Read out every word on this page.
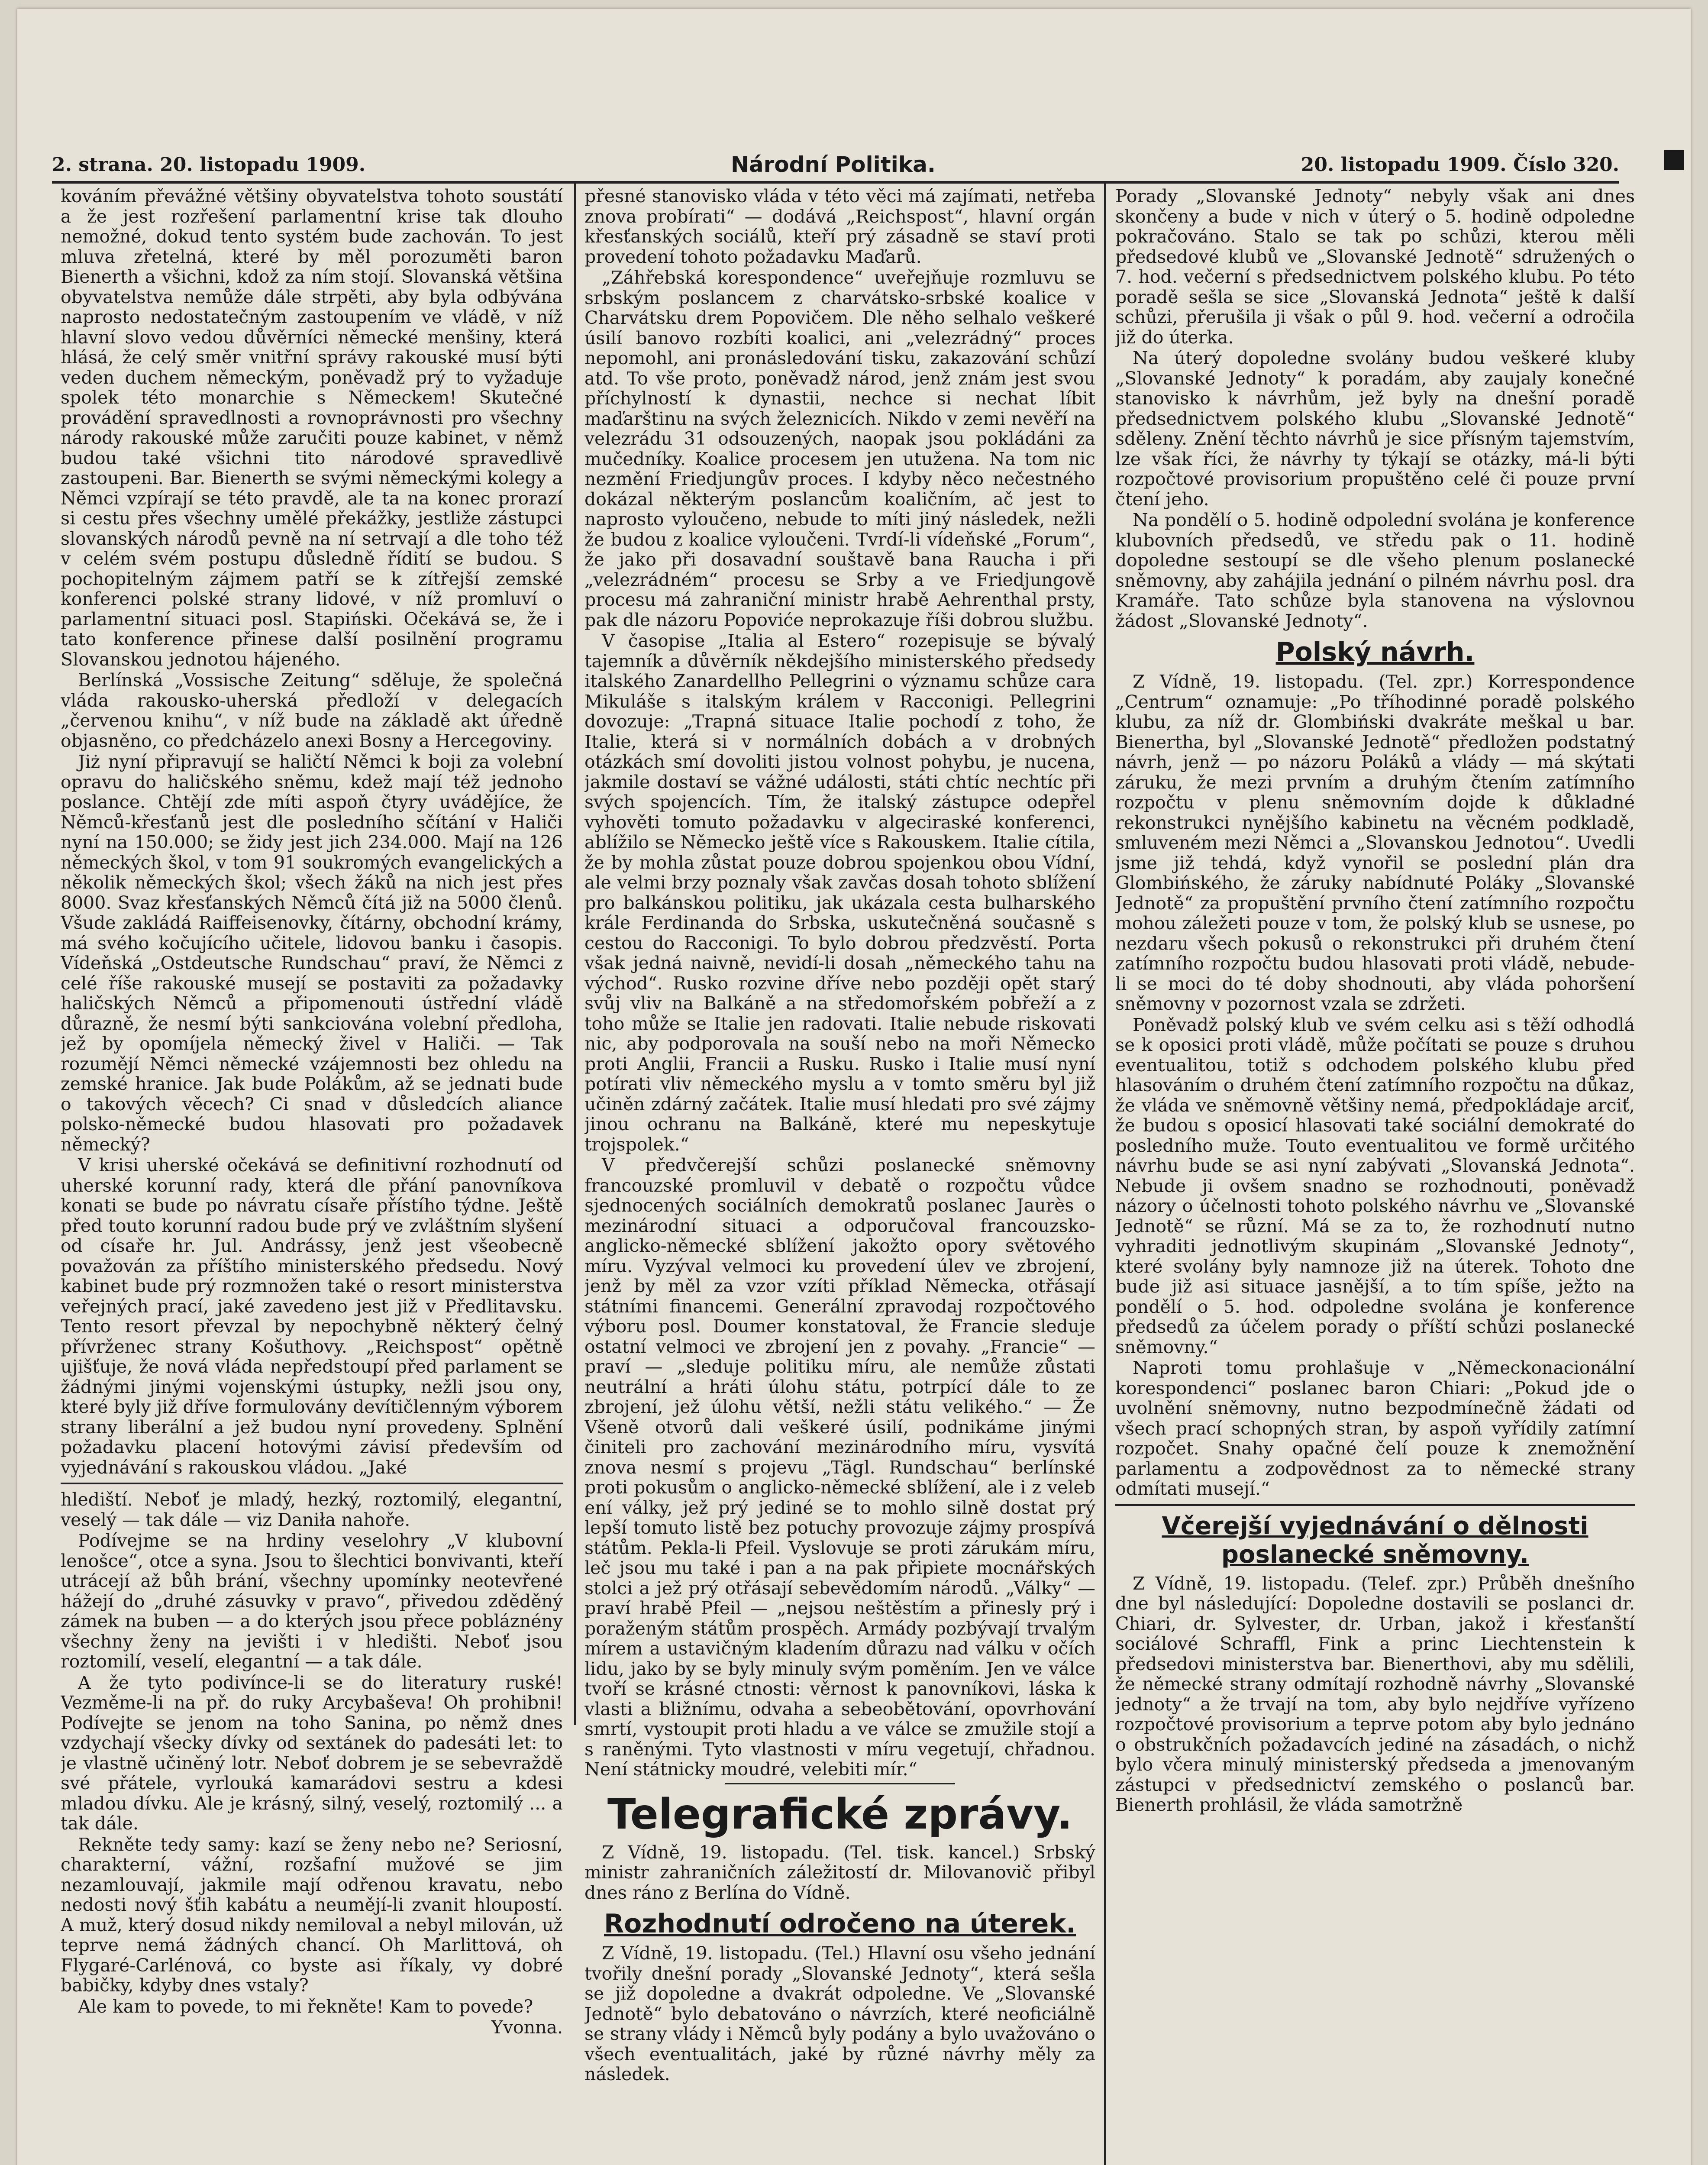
■
2. strana. 20. listopadu 1909.	Národní Politika.	20. listopadu 1909. Číslo 320.

kováním převážné většiny obyvatelstva tohoto soustátí a že jest rozřešení parlamentní krise tak dlouho nemožné, dokud tento systém bude zachován. To jest mluva zřetelná, které by měl porozuměti baron Bienerth a všichni, kdož za ním stojí. Slovanská většina obyvatelstva nemůže dále strpěti, aby byla odbývána naprosto nedostatečným zastoupením ve vládě, v níž hlavní slovo vedou důvěrníci německé menšiny, která hlásá, že celý směr vnitřní správy rakouské musí býti veden duchem německým, poněvadž prý to vyžaduje spolek této monarchie s Německem! Skutečné provádění spravedlnosti a rovnoprávnosti pro všechny národy rakouské může zaručiti pouze kabinet, v němž budou také všichni tito národové spravedlivě zastoupeni. Bar. Bienerth se svými německými kolegy a Němci vzpírají se této pravdě, ale ta na konec prorazí si cestu přes všechny umělé překážky, jestliže zástupci slovanských národů pevně na ní setrvají a dle toho též v celém svém postupu důsledně řídití se budou. S pochopitelným zájmem patří se k zítřejší zemské konferenci polské strany lidové, v níž promluví o parlamentní situaci posl. Stapiński. Očekává se, že i tato konference přinese další posilnění programu Slovanskou jednotou hájeného.

Berlínská „Vossische Zeitung“ sděluje, že společná vláda rakousko-uherská předloží v delegacích „červenou knihu“, v níž bude na základě akt úředně objasněno, co předcházelo anexi Bosny a Hercegoviny.

Jiż nyní připravují se haličtí Němci k boji za volební opravu do haličského sněmu, kdež mají též jednoho poslance. Chtějí zde míti aspoň čtyry uvádějíce, že Němců-křesťanů jest dle posledního sčítání v Haliči nyní na 150.000; se židy jest jich 234.000. Mají na 126 německých škol, v tom 91 soukromých evangelických a několik německých škol; všech žáků na nich jest přes 8000. Svaz křesťanských Němců čítá již na 5000 členů. Všude zakládá Raiffeisenovky, čítárny, obchodní krámy, má svého kočujícího učitele, lidovou banku i časopis. Vídeňská „Ostdeutsche Rundschau“ praví, že Němci z celé říše rakouské musejí se postaviti za požadavky haličských Němců a připomenouti ústřední vládě důrazně, že nesmí býti sankciována volební předloha, jež by opomíjela německý živel v Haliči. — Tak rozumějí Němci německé vzájemnosti bez ohledu na zemské hranice. Jak bude Polákům, až se jednati bude o takových věcech? Ci snad v důsledcích aliance polsko-německé budou hlasovati pro požadavek německý?

V krisi uherské očekává se definitivní rozhodnutí od uherské korunní rady, která dle přání panovníkova konati se bude po návratu císaře přístího týdne. Ještě před touto korunní radou bude prý ve zvláštním slyšení od císaře hr. Jul. Andrássy, jenž jest všeobecně považován za příštího ministerského předsedu. Nový kabinet bude prý rozmnožen také o resort ministerstva veřejných prací, jaké zavedeno jest již v Předlitavsku. Tento resort převzal by nepochybně některý čelný přívrženec strany Košuthovy. „Reichspost“ opětně ujišťuje, že nová vláda nepředstoupí před parlament se žádnými jinými vojenskými ústupky, nežli jsou ony, které byly již dříve formulovány devítičlenným výborem strany liberální a jež budou nyní provedeny. Splnění požadavku placení hotovými závisí především od vyjednávání s rakouskou vládou. „Jaké

hlediští. Neboť je mladý, hezký, roztomilý, elegantní, veselý — tak dále — viz Daniła nahoře.

Podívejme se na hrdiny veselohry „V klubovní lenošce“, otce a syna. Jsou to šlechtici bonvivanti, kteří utrácejí až bůh brání, všechny upomínky neotevřené hážejí do „druhé zásuvky v pravo“, přivedou zděděný zámek na buben — a do kterých jsou přece pobláznény všechny ženy na jevišti i v hledišti. Neboť jsou roztomilí, veselí, elegantní — a tak dále.

A že tyto podivínce-li se do literatury ruské! Vezměme-li na př. do ruky Arcybaševa! Oh prohibni! Podívejte se jenom na toho Sanina, po němž dnes vzdychají všecky dívky od sextánek do padesáti let: to je vlastně učiněný lotr. Neboť dobrem je se sebevraždě své přátele, vyrlouká kamarádovi sestru a kdesi mladou dívku. Ale je krásný, silný, veselý, roztomilý ... a tak dále.

Rekněte tedy samy: kazí se ženy nebo ne? Seriosní, charakterní, vážní, rozšafní mužové se jim nezamlouvají, jakmile mají odřenou kravatu, nebo nedosti nový šťih kabátu a neumějí-li zvanit hloupostí. A muž, který dosud nikdy nemiloval a nebyl milován, už teprve nemá žádných chancí. Oh Marlittová, oh Flygaré-Carlénová, co byste asi říkaly, vy dobré babičky, kdyby dnes vstaly?

Ale kam to povede, to mi řekněte! Kam to povede?

Yvonna.

přesné stanovisko vláda v této věci má zajímati, netřeba znova probírati“ — dodává „Reichspost“, hlavní orgán křesťanských sociálů, kteří prý zásadně se staví proti provedení tohoto požadavku Maďarů.

„Záhřebská korespondence“ uveřejňuje rozmluvu se srbským poslancem z charvátsko-srbské koalice v Charvátsku drem Popovičem. Dle něho selhalo veškeré úsilí banovo rozbíti koalici, ani „velezrádný“ proces nepomohl, ani pronásledování tisku, zakazování schůzí atd. To vše proto, poněvadž národ, jenž znám jest svou příchylností k dynastii, nechce si nechat líbit maďarštinu na svých železnicích. Nikdo v zemi nevěří na velezrádu 31 odsouzených, naopak jsou pokládáni za mučedníky. Koalice procesem jen utužena. Na tom nic nezmění Friedjungův proces. I kdyby něco nečestného dokázal některým poslancům koaličním, ač jest to naprosto vyloučeno, nebude to míti jiný následek, nežli že budou z koalice vyloučeni. Tvrdí-li vídeňské „Forum“, že jako při dosavadní souštavě bana Raucha i při „velezrádném“ procesu se Srby a ve Friedjungově procesu má zahraniční ministr hrabě Aehrenthal prsty, pak dle názoru Popoviće neprokazuje říši dobrou službu.

V časopise „Italia al Estero“ rozepisuje se bývalý tajemník a důvěrník někdejšího ministerského předsedy italského Zanardellho Pellegrini o významu schůze cara Mikuláše s italským králem v Racconigi. Pellegrini dovozuje: „Trapná situace Italie pochodí z toho, že Italie, která si v normálních dobách a v drobných otázkách smí dovoliti jistou volnost pohybu, je nucena, jakmile dostaví se vážné události, státi chtíc nechtíc při svých spojencích. Tím, že italský zástupce odepřel vyhověti tomuto požadavku v algeciraské konferenci, ablížilo se Německo ještě více s Rakouskem. Italie cítila, že by mohla zůstat pouze dobrou spojenkou obou Vídní, ale velmi brzy poznaly však zavčas dosah tohoto sblížení pro balkánskou politiku, jak ukázala cesta bulharského krále Ferdinanda do Srbska, uskutečněná současně s cestou do Racconigi. To bylo dobrou předzvěstí. Porta však jedná naivně, nevidí-li dosah „německého tahu na východ“. Rusko rozvine dříve nebo později opět starý svůj vliv na Balkáně a na středomořském pobřeží a z toho může se Italie jen radovati. Italie nebude riskovati nic, aby podporovala na souší nebo na moři Německo proti Anglii, Francii a Rusku. Rusko i Italie musí nyní potírati vliv německého myslu a v tomto směru byl již učiněn zdárný začátek. Italie musí hledati pro své zájmy jinou ochranu na Balkáně, které mu nepeskytuje trojspolek.“

V předvčerejší schůzi poslanecké sněmovny francouzské promluvil v debatě o rozpočtu vůdce sjednocených sociálních demokratů poslanec Jaurès o mezinárodní situaci a odporučoval francouzsko-anglicko-německé sblížení jakožto opory světového míru. Vyzýval velmoci ku provedení úlev ve zbrojení, jenž by měl za vzor vzíti příklad Německa, otřásají státními financemi. Generální zpravodaj rozpočtového výboru posl. Doumer konstatoval, že Francie sleduje ostatní velmoci ve zbrojení jen z povahy. „Francie“ — praví — „sleduje politiku míru, ale nemůže zůstati neutrální a hráti úlohu státu, potrpící dále to ze zbrojení, jež úlohu větší, nežli státu velikého.“ — Že Všeně otvorů dali veškeré úsilí, podnikáme jinými činiteli pro zachování mezinárodního míru, vysvítá znova nesmí s projevu „Tägl. Rundschau“ berlínské proti pokusům o anglicko-německé sblížení, ale i z veleb ení války, jež prý jediné se to mohlo silně dostat prý lepší tomuto listě bez potuchy provozuje zájmy prospívá státům. Pekla-li Pfeil. Vyslovuje se proti zárukám míru, leč jsou mu také i pan a na pak připiete mocnářských stolci a jež prý otřásají sebevědomím národů. „Války“ — praví hrabě Pfeil — „nejsou neštěstím a přinesly prý i poraženým státům prospěch. Armády pozbývají trvalým mírem a ustavičným kladením důrazu nad válku v očích lidu, jako by se byly minuly svým poměním. Jen ve válce tvoří se krásné ctnosti: věrnost k panovníkovi, láska k vlasti a bližnímu, odvaha a sebeobětování, opovrhování smrtí, vystoupit proti hladu a ve válce se zmužile stojí a s raněnými. Tyto vlastnosti v míru vegetují, chřadnou. Není státnicky moudré, velebiti mír.“

Telegrafické zprávy.

Z Vídně, 19. listopadu. (Tel. tisk. kancel.) Srbský ministr zahraničních záležitostí dr. Milovanovič přibyl dnes ráno z Berlína do Vídně.

Rozhodnutí odročeno na úterek.

Z Vídně, 19. listopadu. (Tel.) Hlavní osu všeho jednání tvořily dnešní porady „Slovanské Jednoty“, která sešla se již dopoledne a dvakrát odpoledne. Ve „Slovanské Jednotě“ bylo debatováno o návrzích, které neoficiálně se strany vlády i Němců byly podány a bylo uvažováno o všech eventualitách, jaké by různé návrhy měly za následek.

Porady „Slovanské Jednoty“ nebyly však ani dnes skončeny a bude v nich v úterý o 5. hodině odpoledne pokračováno. Stalo se tak po schůzi, kterou měli předsedové klubů ve „Slovanské Jednotě“ sdružených o 7. hod. večerní s předsednictvem polského klubu. Po této poradě sešla se sice „Slovanská Jednota“ ještě k další schůzi, přerušila ji však o půl 9. hod. večerní a odročila již do úterka.

Na úterý dopoledne svolány budou veškeré kluby „Slovanské Jednoty“ k poradám, aby zaujaly konečné stanovisko k návrhům, jež byly na dnešní poradě předsednictvem polského klubu „Slovanské Jednotě“ sděleny. Znění těchto návrhů je sice přísným tajemstvím, lze však říci, že návrhy ty týkají se otázky, má-li býti rozpočtové provisorium propuštěno celé či pouze první čtení jeho.

Na pondělí o 5. hodině odpolední svolána je konference klubovních předsedů, ve středu pak o 11. hodině dopoledne sestoupí se dle všeho plenum poslanecké sněmovny, aby zahájila jednání o pilném návrhu posl. dra Kramáře. Tato schůze byla stanovena na výslovnou žádost „Slovanské Jednoty“.

Polský návrh.

Z Vídně, 19. listopadu. (Tel. zpr.) Korrespondence „Centrum“ oznamuje: „Po tříhodinné poradě polského klubu, za níž dr. Glombiński dvakráte meškal u bar. Bienertha, byl „Slovanské Jednotě“ předložen podstatný návrh, jenž — po názoru Poláků a vlády — má skýtati záruku, že mezi prvním a druhým čtením zatímního rozpočtu v plenu sněmovním dojde k důkladné rekonstrukci nynějšího kabinetu na věcném podkladě, smluveném mezi Němci a „Slovanskou Jednotou“. Uvedli jsme již tehdá, když vynořil se poslední plán dra Glombińského, že záruky nabídnuté Poláky „Slovanské Jednotě“ za propuštění prvního čtení zatímního rozpočtu mohou záležeti pouze v tom, že polský klub se usnese, po nezdaru všech pokusů o rekonstrukci při druhém čtení zatímního rozpočtu budou hlasovati proti vládě, nebude-li se moci do té doby shodnouti, aby vláda pohoršení sněmovny v pozornost vzala se zdržeti.

Poněvadž polský klub ve svém celku asi s těží odhodlá se k oposici proti vládě, může počítati se pouze s druhou eventualitou, totiž s odchodem polského klubu před hlasováním o druhém čtení zatímního rozpočtu na důkaz, že vláda ve sněmovně většiny nemá, předpokládaje arciť, že budou s oposicí hlasovati také sociální demokraté do posledního muže. Touto eventualitou ve formě určitého návrhu bude se asi nyní zabývati „Slovanská Jednota“. Nebude ji ovšem snadno se rozhodnouti, poněvadž názory o účelnosti tohoto polského návrhu ve „Slovanské Jednotě“ se různí. Má se za to, že rozhodnutí nutno vyhraditi jednotlivým skupinám „Slovanské Jednoty“, které svolány byly namnoze již na úterek. Tohoto dne bude již asi situace jasnější, a to tím spíše, ježto na pondělí o 5. hod. odpoledne svolána je konference předsedů za účelem porady o příští schůzi poslanecké sněmovny.“

Naproti tomu prohlašuje v „Německonacionální korespondenci“ poslanec baron Chiari: „Pokud jde o uvolnění sněmovny, nutno bezpodmínečně žádati od všech prací schopných stran, by aspoň vyřídily zatímní rozpočet. Snahy opačné čelí pouze k znemožnění parlamentu a zodpovědnost za to německé strany odmítati musejí.“

Včerejší vyjednávání o dělnosti poslanecké sněmovny.

Z Vídně, 19. listopadu. (Telef. zpr.) Průběh dnešního dne byl následující: Dopoledne dostavili se poslanci dr. Chiari, dr. Sylvester, dr. Urban, jakož i křesťanští sociálové Schraffl, Fink a princ Liechtenstein k předsedovi ministerstva bar. Bienerthovi, aby mu sdělili, že německé strany odmítají rozhodně návrhy „Slovanské jednoty“ a že trvají na tom, aby bylo nejdříve vyřízeno rozpočtové provisorium a teprve potom aby bylo jednáno o obstrukčních požadavcích jediné na zásadách, o nichž bylo včera minulý ministerský předseda a jmenovaným zástupci v předsednictví zemského o poslanců bar. Bienerth prohlásil, že vláda samotržně
